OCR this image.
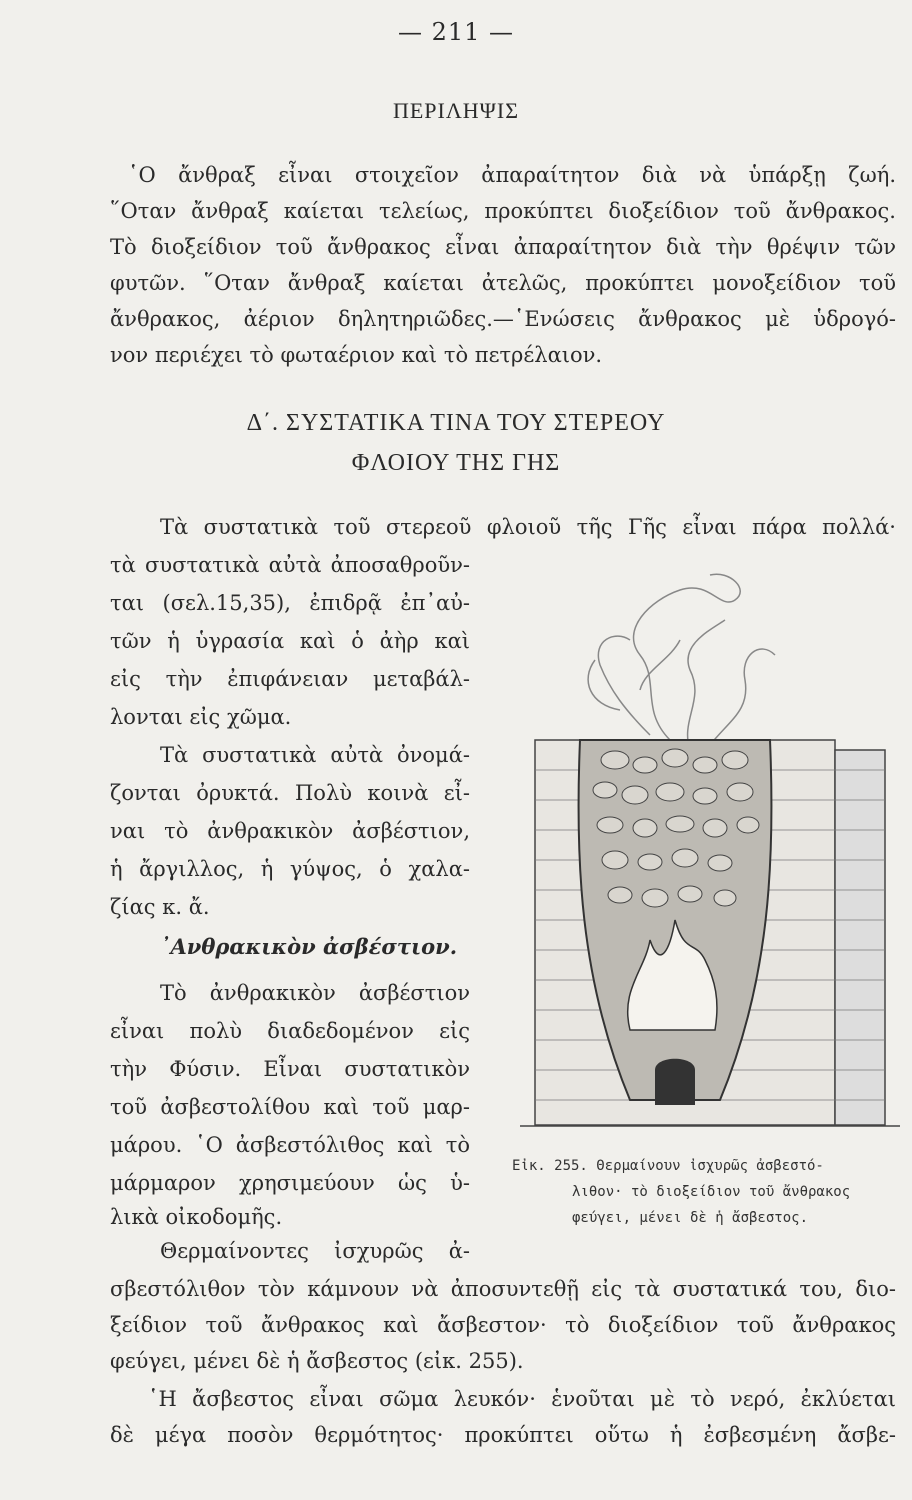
— 211 —
ΠΕΡΙΛΗΨΙΣ
῾Ο ἄνθραξ εἶναι στοιχεῖον ἀπαραίτητον διὰ νὰ ὑπάρξῃ ζωή.
῞Οταν ἄνθραξ καίεται τελείως, προκύπτει διοξείδιον τοῦ ἄνθρακος.
Τὸ διοξείδιον τοῦ ἄνθρακος εἶναι ἀπαραίτητον διὰ τὴν θρέψιν τῶν
φυτῶν. ῞Οταν ἄνθραξ καίεται ἀτελῶς, προκύπτει μονοξείδιον τοῦ
ἄνθρακος, ἀέριον δηλητηριῶδες.—῾Ενώσεις ἄνθρακος μὲ ὑδρογό-
νον περιέχει τὸ φωταέριον καὶ τὸ πετρέλαιον.
Δ΄. ΣΥΣΤΑΤΙΚΑ ΤΙΝΑ ΤΟΥ ΣΤΕΡΕΟΥ
ΦΛΟΙΟΥ ΤΗΣ ΓΗΣ
Τὰ συστατικὰ τοῦ στερεοῦ φλοιοῦ τῆς Γῆς εἶναι πάρα πολλά·
τὰ συστατικὰ αὐτὰ ἀποσαθροῦν-
ται (σελ.15,35), ἐπιδρᾷ ἐπ᾽αὐ-
τῶν ἡ ὑγρασία καὶ ὁ ἀὴρ καὶ
εἰς τὴν ἐπιφάνειαν μεταβάλ-
λονται εἰς χῶμα.
Τὰ συστατικὰ αὐτὰ ὀνομά-
ζονται ὀρυκτά. Πολὺ κοινὰ εἶ-
ναι τὸ ἀνθρακικὸν ἀσβέστιον,
ἡ ἄργιλλος, ἡ γύψος, ὁ χαλα-
ζίας κ. ἄ.
᾽Ανθρακικὸν ἀσβέστιον.
Τὸ ἀνθρακικὸν ἀσβέστιον
εἶναι πολὺ διαδεδομένον εἰς
τὴν Φύσιν. Εἶναι συστατικὸν
τοῦ ἀσβεστολίθου καὶ τοῦ μαρ-
μάρου. ῾Ο ἀσβεστόλιθος καὶ τὸ
μάρμαρον χρησιμεύουν ὡς ὑ-
λικὰ οἰκοδομῆς.
Εἰκ. 255. Θερμαίνουν ἰσχυρῶς ἀσβεστό-
λιθον· τὸ διοξείδιον τοῦ ἄνθρακος
φεύγει, μένει δὲ ἡ ἄσβεστος.
Θερμαίνοντες ἰσχυρῶς ἀ-
σβεστόλιθον τὸν κάμνουν νὰ ἀποσυντεθῇ εἰς τὰ συστατικά του, διο-
ξείδιον τοῦ ἄνθρακος καὶ ἄσβεστον· τὸ διοξείδιον τοῦ ἄνθρακος
φεύγει, μένει δὲ ἡ ἄσβεστος (εἰκ. 255).
῾Η ἄσβεστος εἶναι σῶμα λευκόν· ἑνοῦται μὲ τὸ νερό, ἐκλύεται
δὲ μέγα ποσὸν θερμότητος· προκύπτει οὕτω ἡ ἐσβεσμένη ἄσβε-
